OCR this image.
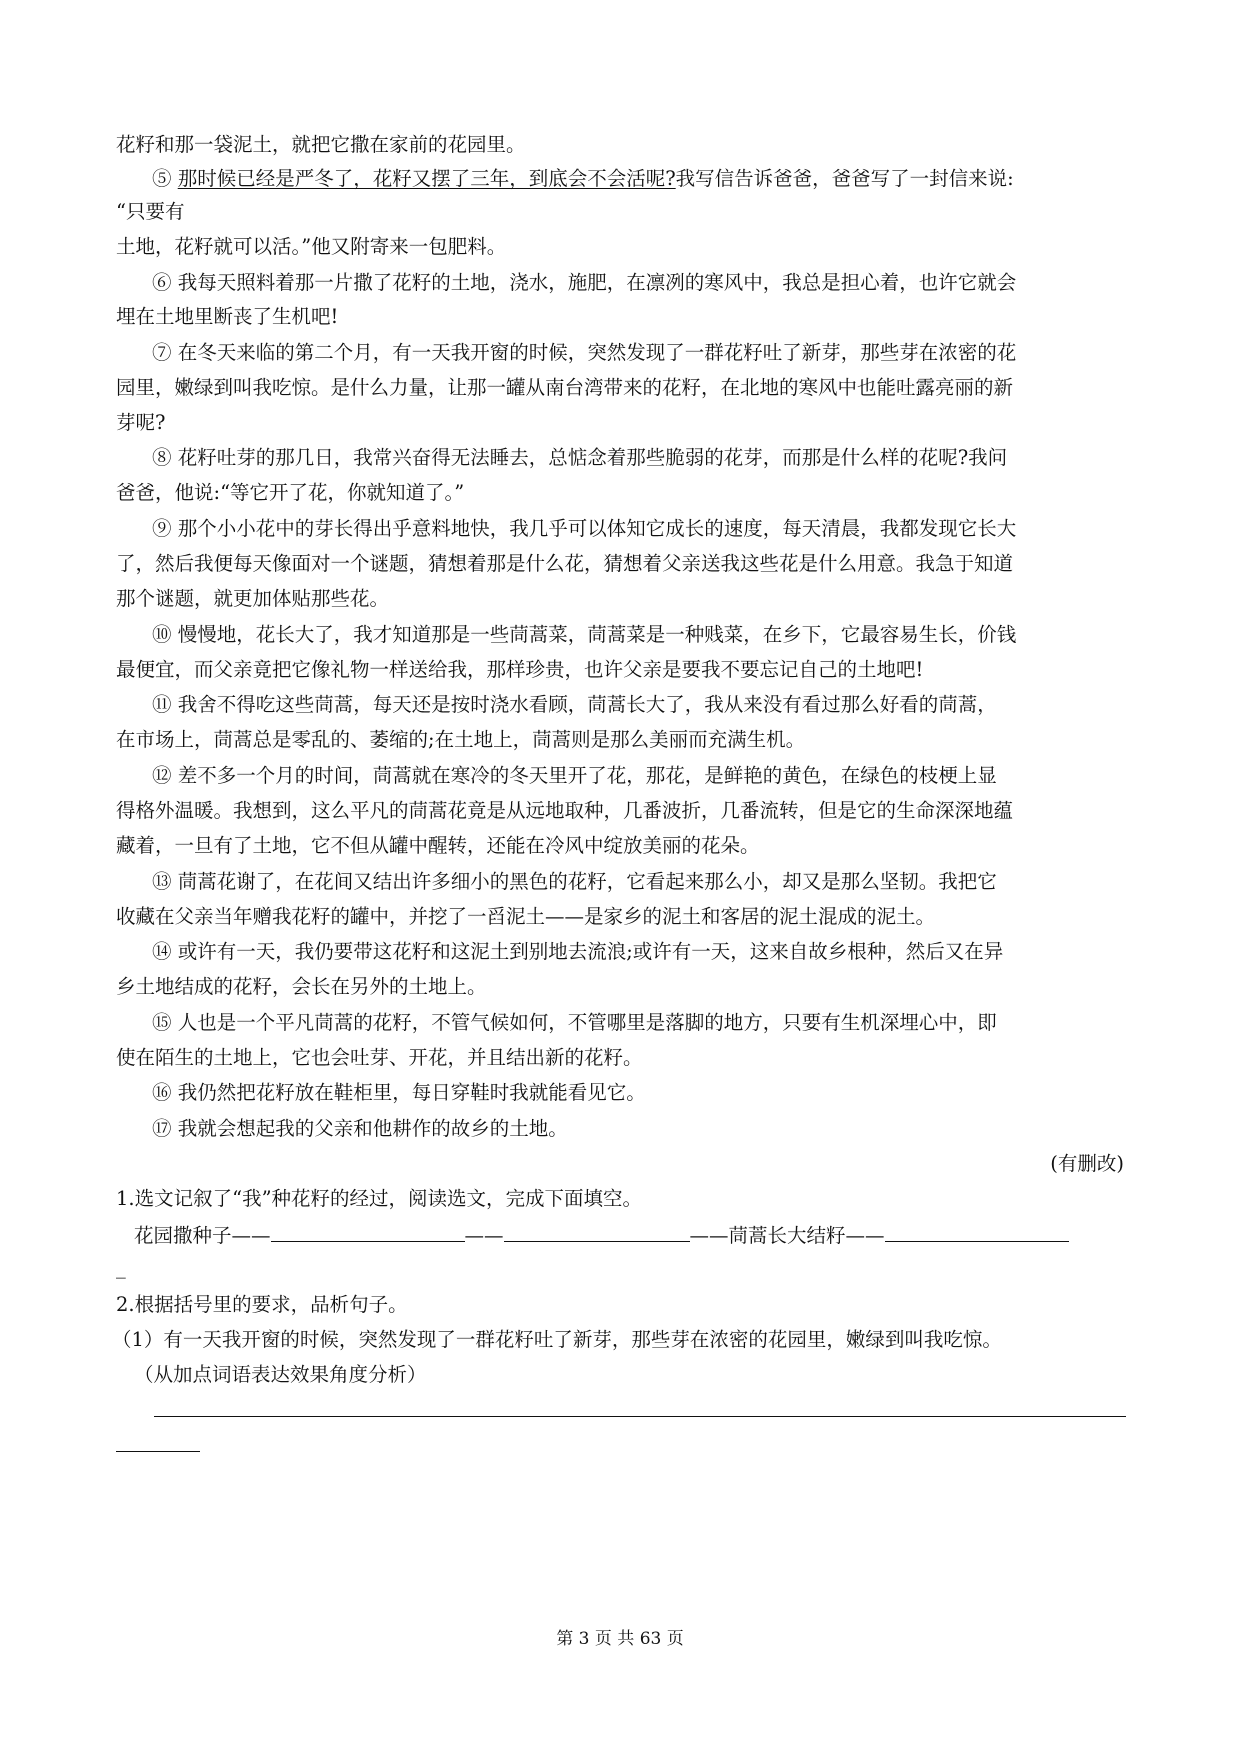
花籽和那一袋泥土，就把它撒在家前的花园里。
⑤ 那时候已经是严冬了，花籽又摆了三年，到底会不会活呢?我写信告诉爸爸，爸爸写了一封信来说:
“只要有
土地，花籽就可以活。”他又附寄来一包肥料。
⑥ 我每天照料着那一片撒了花籽的土地，浇水，施肥，在凛冽的寒风中，我总是担心着，也许它就会
埋在土地里断丧了生机吧!
⑦ 在冬天来临的第二个月，有一天我开窗的时候，突然发现了一群花籽吐了新芽，那些芽在浓密的花
园里，嫩绿到叫我吃惊。是什么力量，让那一罐从南台湾带来的花籽，在北地的寒风中也能吐露亮丽的新
芽呢?
⑧ 花籽吐芽的那几日，我常兴奋得无法睡去，总惦念着那些脆弱的花芽，而那是什么样的花呢?我问
爸爸，他说:“等它开了花，你就知道了。”
⑨ 那个小小花中的芽长得出乎意料地快，我几乎可以体知它成长的速度，每天清晨，我都发现它长大
了，然后我便每天像面对一个谜题，猜想着那是什么花，猜想着父亲送我这些花是什么用意。我急于知道
那个谜题，就更加体贴那些花。
⑩ 慢慢地，花长大了，我才知道那是一些茼蒿菜，茼蒿菜是一种贱菜，在乡下，它最容易生长，价钱
最便宜，而父亲竟把它像礼物一样送给我，那样珍贵，也许父亲是要我不要忘记自己的土地吧!
⑪ 我舍不得吃这些茼蒿，每天还是按时浇水看顾，茼蒿长大了，我从来没有看过那么好看的茼蒿，
在市场上，茼蒿总是零乱的、萎缩的;在土地上，茼蒿则是那么美丽而充满生机。
⑫ 差不多一个月的时间，茼蒿就在寒冷的冬天里开了花，那花，是鲜艳的黄色，在绿色的枝梗上显
得格外温暖。我想到，这么平凡的茼蒿花竟是从远地取种，几番波折，几番流转，但是它的生命深深地蕴
藏着，一旦有了土地，它不但从罐中醒转，还能在冷风中绽放美丽的花朵。
⑬ 茼蒿花谢了，在花间又结出许多细小的黑色的花籽，它看起来那么小，却又是那么坚韧。我把它
收藏在父亲当年赠我花籽的罐中，并挖了一舀泥土——是家乡的泥土和客居的泥土混成的泥土。
⑭ 或许有一天，我仍要带这花籽和这泥土到别地去流浪;或许有一天，这来自故乡根种，然后又在异
乡土地结成的花籽，会长在另外的土地上。
⑮ 人也是一个平凡茼蒿的花籽，不管气候如何，不管哪里是落脚的地方，只要有生机深埋心中，即
使在陌生的土地上，它也会吐芽、开花，并且结出新的花籽。
⑯ 我仍然把花籽放在鞋柜里，每日穿鞋时我就能看见它。
⑰ 我就会想起我的父亲和他耕作的故乡的土地。
(有删改)
1.选文记叙了“我”种花籽的经过，阅读选文，完成下面填空。
花园撒种子——	——	——茼蒿长大结籽——
_
2.根据括号里的要求，品析句子。
（1）有一天我开窗的时候，突然发现了一群花籽吐了新芽，那些芽在浓密的花园里，嫩绿到叫我吃惊。
（从加点词语表达效果角度分析）
第 3 页 共 63 页
